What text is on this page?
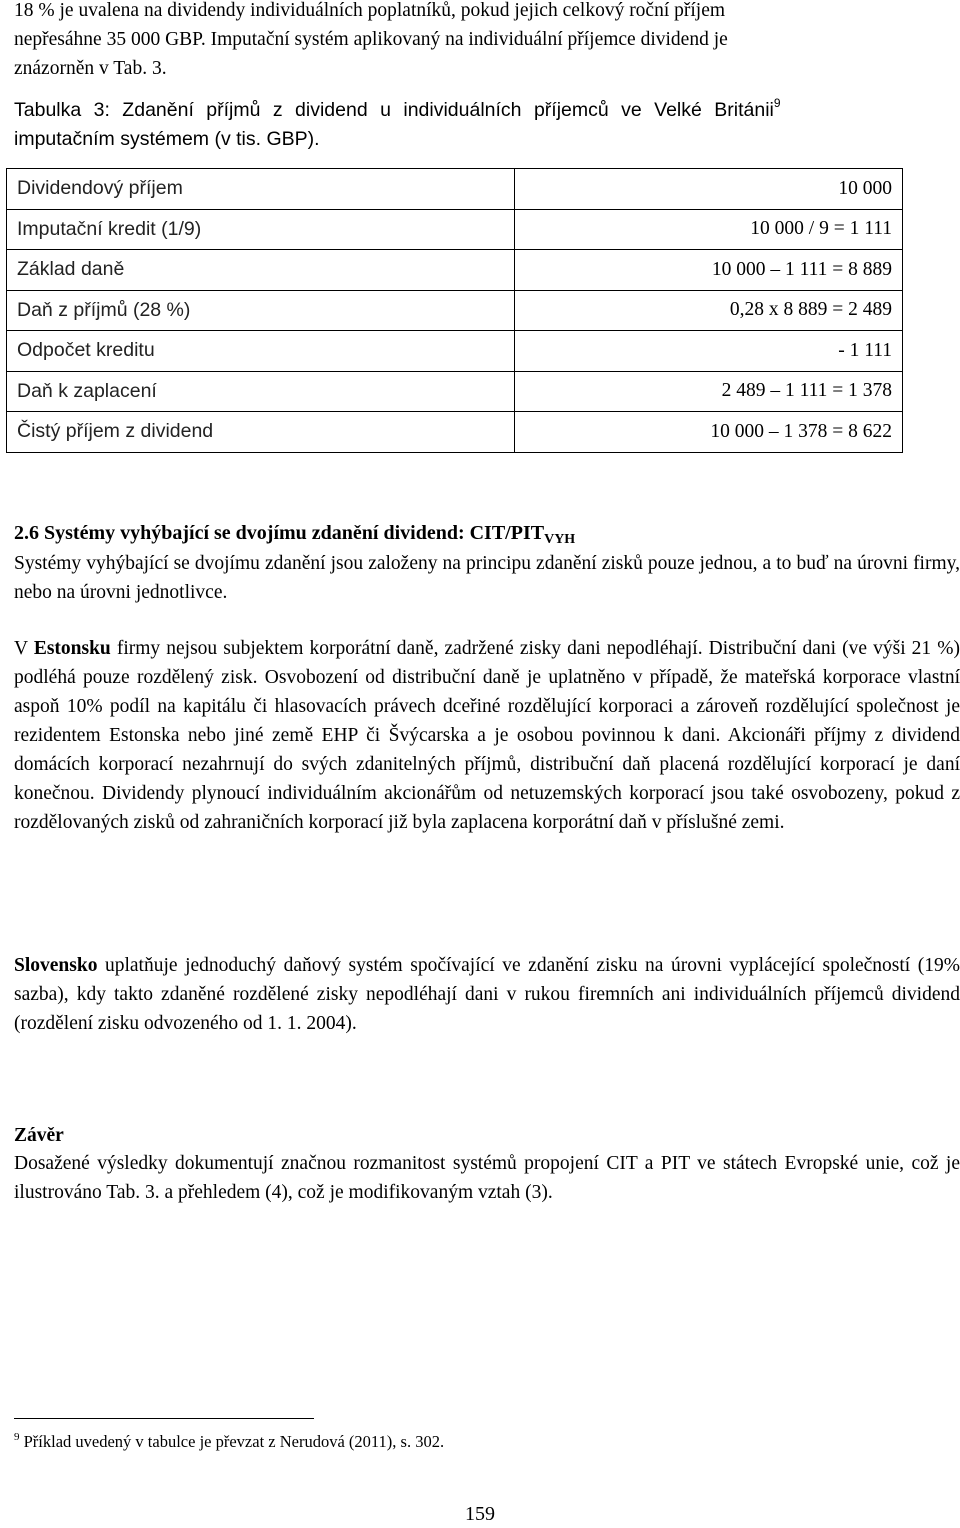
18 % je uvalena na dividendy individuálních poplatníků, pokud jejich celkový roční příjem

nepřesáhne 35 000 GBP. Imputační systém aplikovaný na individuální příjemce dividend je

znázorněn v Tab. 3.

Tabulka 3: Zdanění příjmů z dividend u individuálních příjemců ve Velké Británii$^9$

imputačním systémem (v tis. GBP).

Dividendový příjem	10 000
Imputační kredit (1/9)	10 000 / 9 = 1 111
Základ daně	10 000 – 1 111 = 8 889
Daň z příjmů (28 %)	0,28 x 8 889 = 2 489
Odpočet kreditu	- 1 111
Daň k zaplacení	2 489 – 1 111 = 1 378
Čistý příjem z dividend	10 000 – 1 378 = 8 622

2.6 Systémy vyhýbající se dvojímu zdanění dividend: CIT/$PIT_{VYH}$

Systémy vyhýbající se dvojímu zdanění jsou založeny na principu zdanění zisků pouze jednou, a to buď na úrovni firmy, nebo na úrovni jednotlivce.

V Estonsku firmy nejsou subjektem korporátní daně, zadržené zisky dani nepodléhají. Distribuční dani (ve výši 21 %) podléhá pouze rozdělený zisk. Osvobození od distribuční daně je uplatněno v případě, že mateřská korporace vlastní aspoň 10% podíl na kapitálu či hlasovacích právech dceřiné rozdělující korporaci a zároveň rozdělující společnost je rezidentem Estonska nebo jiné země EHP či Švýcarska a je osobou povinnou k dani. Akcionáři příjmy z dividend domácích korporací nezahrnují do svých zdanitelných příjmů, distribuční daň placená rozdělující korporací je daní konečnou. Dividendy plynoucí individuálním akcionářům od netuzemských korporací jsou také osvobozeny, pokud z rozdělovaných zisků od zahraničních korporací již byla zaplacena korporátní daň v příslušné zemi.

Slovensko uplatňuje jednoduchý daňový systém spočívající ve zdanění zisku na úrovni vyplácející společností (19% sazba), kdy takto zdaněné rozdělené zisky nepodléhají dani v rukou firemních ani individuálních příjemců dividend (rozdělení zisku odvozeného od 1. 1. 2004).

Závěr

Dosažené výsledky dokumentují značnou rozmanitost systémů propojení CIT a PIT ve státech Evropské unie, což je ilustrováno Tab. 3. a přehledem (4), což je modifikovaným vztah (3).

$^9$ Příklad uvedený v tabulce je převzat z Nerudová (2011), s. 302.

159
